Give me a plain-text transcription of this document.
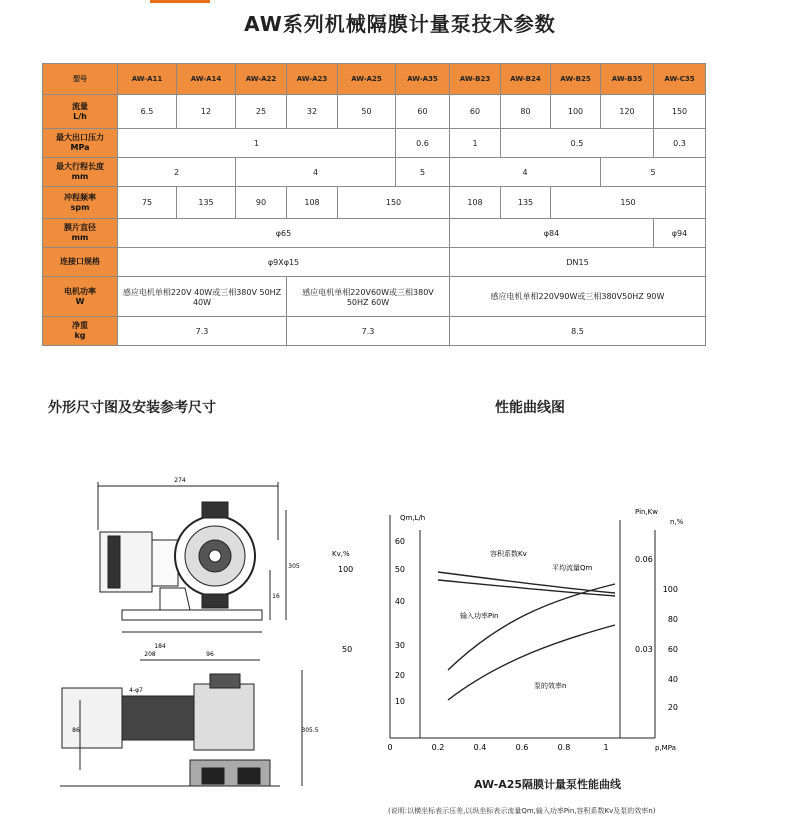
AW系列机械隔膜计量泵技术参数
型号	AW-A11	AW-A14	AW-A22	AW-A23	AW-A25	AW-A35	AW-B23	AW-B24	AW-B25	AW-B35	AW-C35
流量
L/h	6.5	12	25	32	50	60	60	80	100	120	150
最大出口压力
MPa	1					0.6	1	0.5			0.3
最大行程长度
mm	2		4			5	4			5	
冲程频率
spm	75	135	90	108	150		108	135	150		
膜片直径
mm	φ65						φ84				φ94
连接口规格	φ9Xφ15						DN15				
电机功率
W	感应电机单相220V 40W或三相380V 50HZ 40W			感应电机单相220V60W或三相380V 50HZ 60W			感应电机单相220V90W或三相380V50HZ 90W				
净重
kg	7.3			7.3			8.5				
外形尺寸图及安装参考尺寸	性能曲线图
274
184
16
305
208	96
86	305.5
4-φ7
Qm,L/h
60
50
40
30
20
10
Kv,%
100
50
Pin,Kw
0.06
0.03
n,%
100
80
60
40
20
0	0.2	0.4	0.6	0.8	1	p,MPa
容积系数Kv
平均流量Qm
输入功率Pin
泵的效率n
AW-A25隔膜计量泵性能曲线
(说明:以横坐标表示压差,以纵坐标表示流量Qm,输入功率Pin,容积系数Kv及泵的效率n)
